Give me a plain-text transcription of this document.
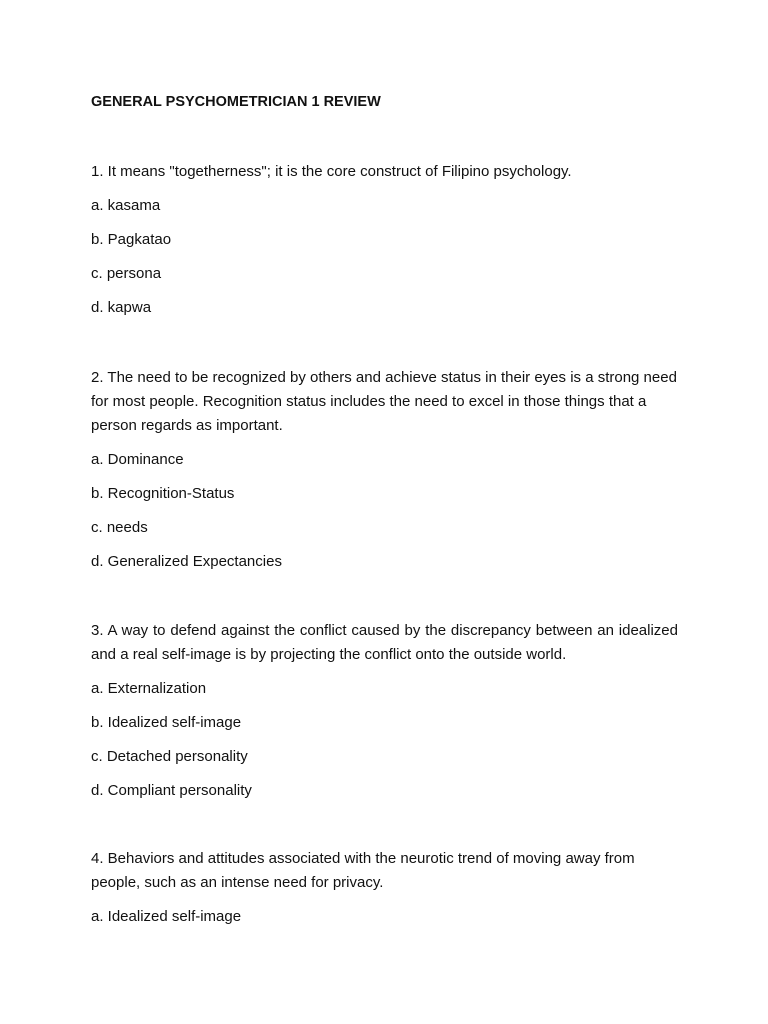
GENERAL PSYCHOMETRICIAN 1 REVIEW

1. It means "togetherness"; it is the core construct of Filipino psychology.

a. kasama

b. Pagkatao

c. persona

d. kapwa

2. The need to be recognized by others and achieve status in their eyes is a strong need for most people. Recognition status includes the need to excel in those things that a person regards as important.

a. Dominance

b. Recognition-Status

c. needs

d. Generalized Expectancies

3. A way to defend against the conflict caused by the discrepancy between an idealized and a real self-image is by projecting the conflict onto the outside world.

a. Externalization

b. Idealized self-image

c. Detached personality

d. Compliant personality

4. Behaviors and attitudes associated with the neurotic trend of moving away from people, such as an intense need for privacy.

a. Idealized self-image
